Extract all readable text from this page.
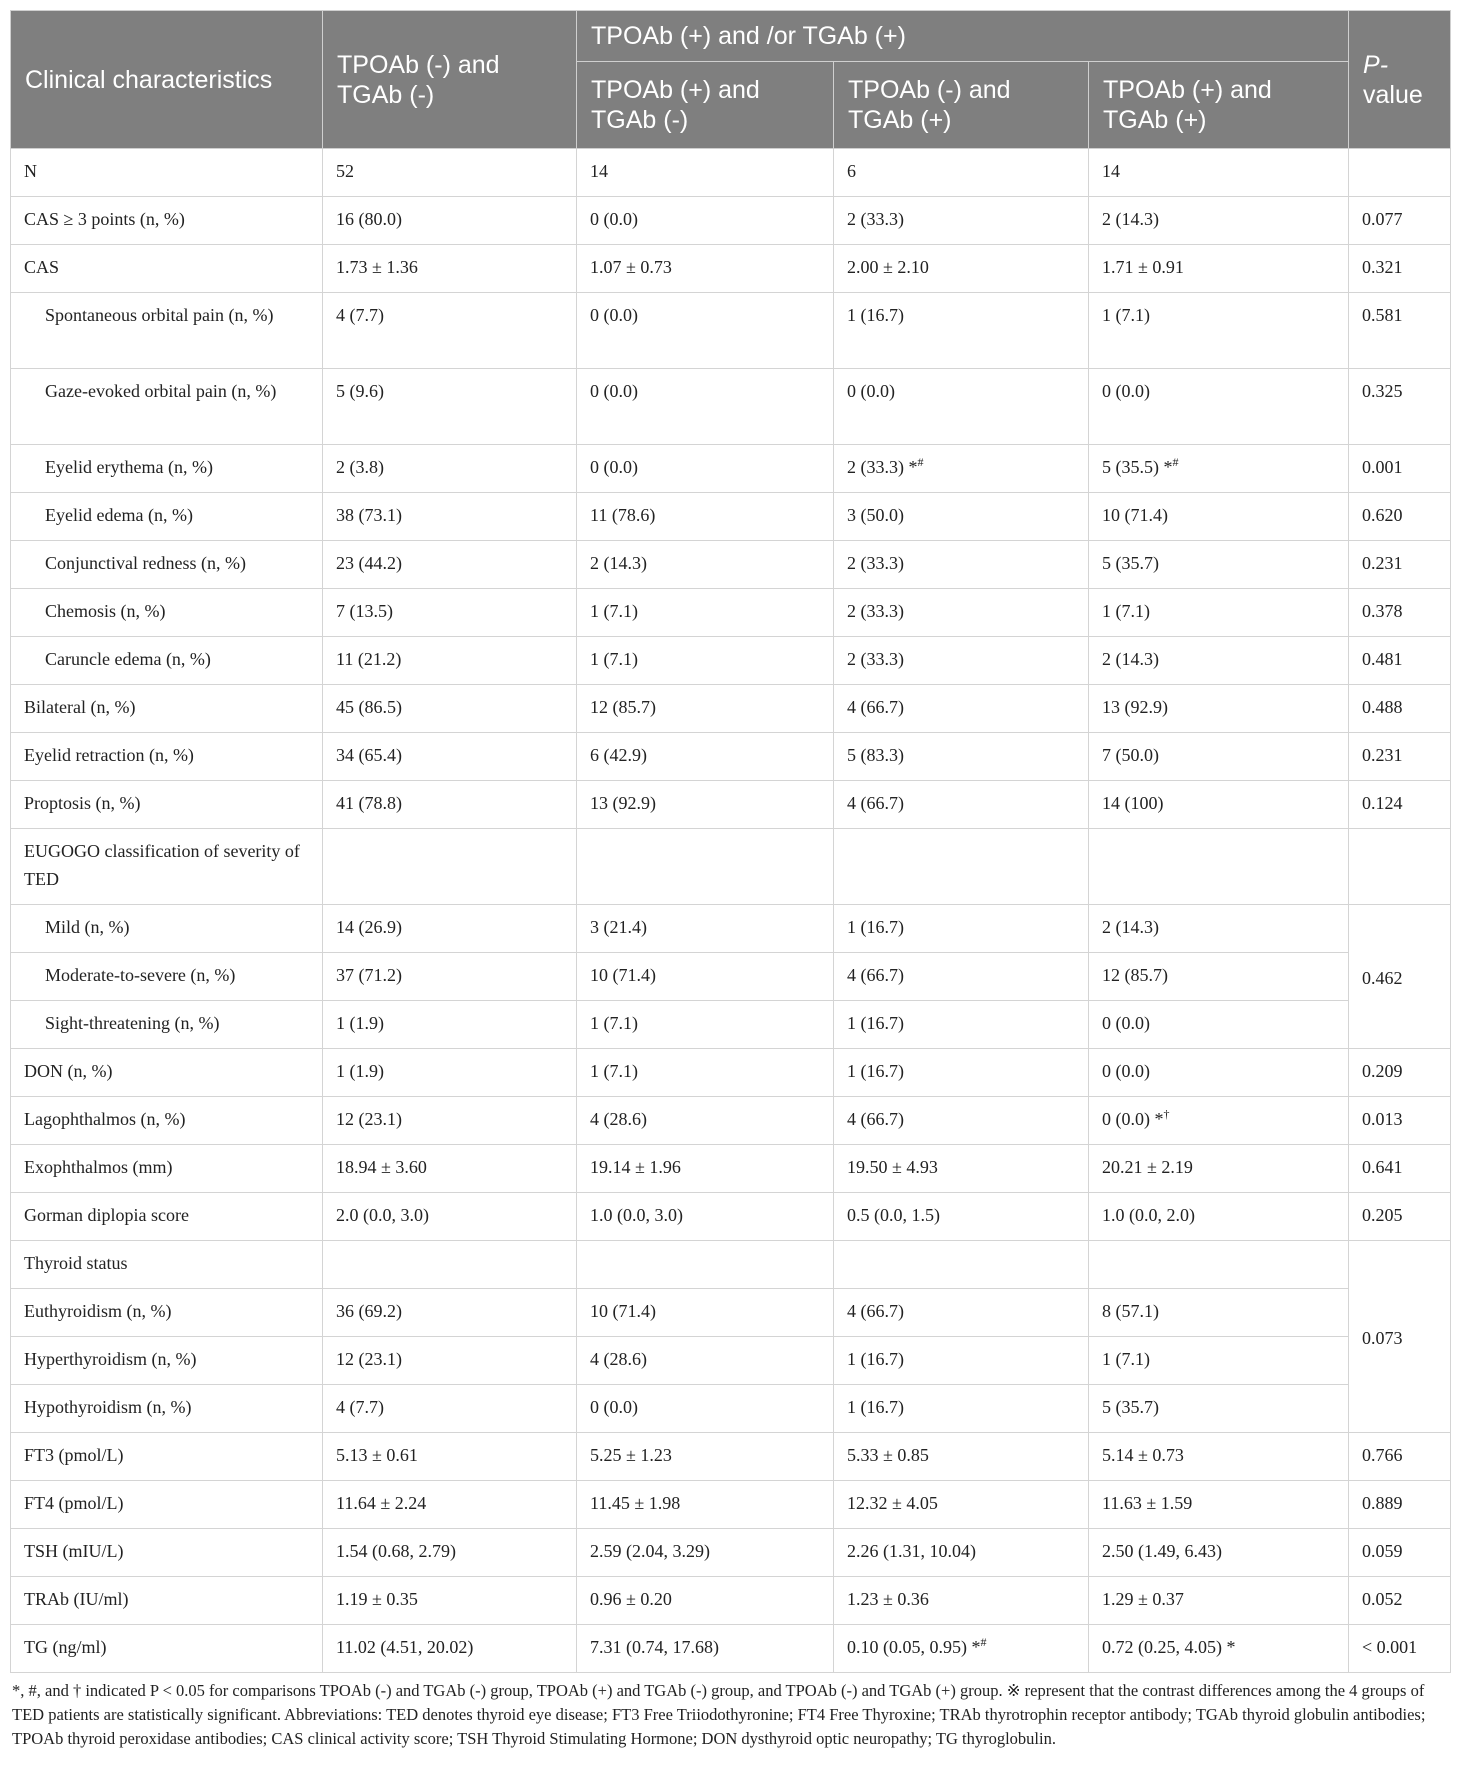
Clinical characteristics	TPOAb (-) and TGAb (-)	TPOAb (+) and /or TGAb (+)			P-
value
		TPOAb (+) and TGAb (-)	TPOAb (-) and TGAb (+)	TPOAb (+) and TGAb (+)	
N	52	14	6	14	
CAS ≥ 3 points (n, %)	16 (80.0)	0 (0.0)	2 (33.3)	2 (14.3)	0.077
CAS	1.73 ± 1.36	1.07 ± 0.73	2.00 ± 2.10	1.71 ± 0.91	0.321
Spontaneous orbital pain (n, %)	4 (7.7)	0 (0.0)	1 (16.7)	1 (7.1)	0.581
Gaze-evoked orbital pain (n, %)	5 (9.6)	0 (0.0)	0 (0.0)	0 (0.0)	0.325
Eyelid erythema (n, %)	2 (3.8)	0 (0.0)	2 (33.3) *#	5 (35.5) *#	0.001
Eyelid edema (n, %)	38 (73.1)	11 (78.6)	3 (50.0)	10 (71.4)	0.620
Conjunctival redness (n, %)	23 (44.2)	2 (14.3)	2 (33.3)	5 (35.7)	0.231
Chemosis (n, %)	7 (13.5)	1 (7.1)	2 (33.3)	1 (7.1)	0.378
Caruncle edema (n, %)	11 (21.2)	1 (7.1)	2 (33.3)	2 (14.3)	0.481
Bilateral (n, %)	45 (86.5)	12 (85.7)	4 (66.7)	13 (92.9)	0.488
Eyelid retraction (n, %)	34 (65.4)	6 (42.9)	5 (83.3)	7 (50.0)	0.231
Proptosis (n, %)	41 (78.8)	13 (92.9)	4 (66.7)	14 (100)	0.124
EUGOGO classification of severity of TED					
Mild (n, %)	14 (26.9)	3 (21.4)	1 (16.7)	2 (14.3)	0.462
Moderate-to-severe (n, %)	37 (71.2)	10 (71.4)	4 (66.7)	12 (85.7)	
Sight-threatening (n, %)	1 (1.9)	1 (7.1)	1 (16.7)	0 (0.0)	
DON (n, %)	1 (1.9)	1 (7.1)	1 (16.7)	0 (0.0)	0.209
Lagophthalmos (n, %)	12 (23.1)	4 (28.6)	4 (66.7)	0 (0.0) *†	0.013
Exophthalmos (mm)	18.94 ± 3.60	19.14 ± 1.96	19.50 ± 4.93	20.21 ± 2.19	0.641
Gorman diplopia score	2.0 (0.0, 3.0)	1.0 (0.0, 3.0)	0.5 (0.0, 1.5)	1.0 (0.0, 2.0)	0.205
Thyroid status					0.073
Euthyroidism (n, %)	36 (69.2)	10 (71.4)	4 (66.7)	8 (57.1)	
Hyperthyroidism (n, %)	12 (23.1)	4 (28.6)	1 (16.7)	1 (7.1)	
Hypothyroidism (n, %)	4 (7.7)	0 (0.0)	1 (16.7)	5 (35.7)	
FT3 (pmol/L)	5.13 ± 0.61	5.25 ± 1.23	5.33 ± 0.85	5.14 ± 0.73	0.766
FT4 (pmol/L)	11.64 ± 2.24	11.45 ± 1.98	12.32 ± 4.05	11.63 ± 1.59	0.889
TSH (mIU/L)	1.54 (0.68, 2.79)	2.59 (2.04, 3.29)	2.26 (1.31, 10.04)	2.50 (1.49, 6.43)	0.059
TRAb (IU/ml)	1.19 ± 0.35	0.96 ± 0.20	1.23 ± 0.36	1.29 ± 0.37	0.052
TG (ng/ml)	11.02 (4.51, 20.02)	7.31 (0.74, 17.68)	0.10 (0.05, 0.95) *#	0.72 (0.25, 4.05) *	< 0.001
*, #, and † indicated P < 0.05 for comparisons TPOAb (-) and TGAb (-) group, TPOAb (+) and TGAb (-) group, and TPOAb (-) and TGAb (+) group. ※ represent that the contrast differences among the 4 groups of TED patients are statistically significant. Abbreviations: TED denotes thyroid eye disease; FT3 Free Triiodothyronine; FT4 Free Thyroxine; TRAb thyrotrophin receptor antibody; TGAb thyroid globulin antibodies; TPOAb thyroid peroxidase antibodies; CAS clinical activity score; TSH Thyroid Stimulating Hormone; DON dysthyroid optic neuropathy; TG thyroglobulin.
